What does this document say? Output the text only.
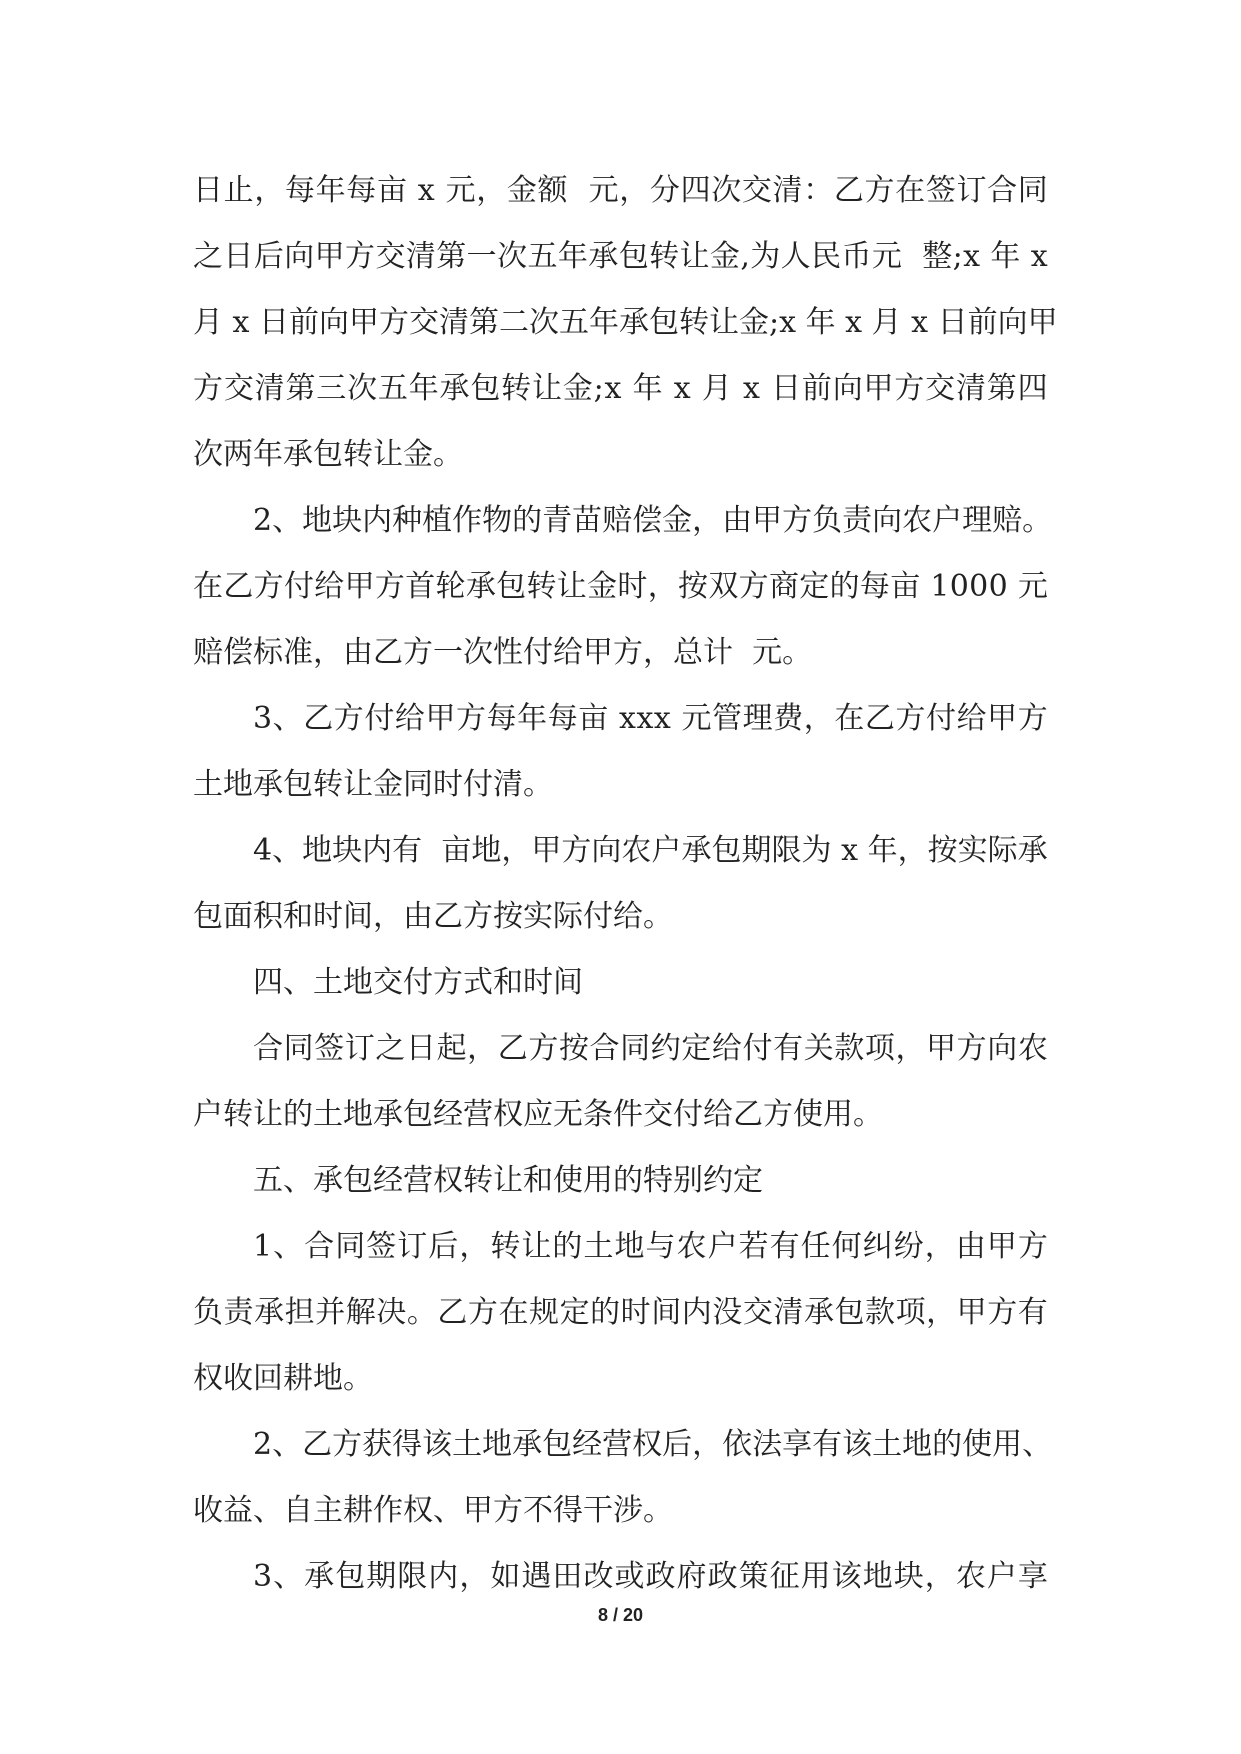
日 止 ， 每 年 每 亩
x
元 ， 金 额

元 ， 分 四 次 交 清 ： 乙 方 在 签 订 合 同
之 日 后 向 甲 方 交 清 第 一 次 五 年 承 包 转 让 金 , 为 人 民 币 元

整 ; x
年
x
月
x
日 前 向 甲 方 交 清 第 二 次 五 年 承 包 转 让 金 ; x
年
x
月
x
日 前 向 甲
方 交 清 第 三 次 五 年 承 包 转 让 金 ; x
年
x
月
x
日 前 向 甲 方 交 清 第 四
次 两 年 承 包 转 让 金 。
2 、 地 块 内 种 植 作 物 的 青 苗 赔 偿 金 ， 由 甲 方 负 责 向 农 户 理 赔 。
在 乙 方 付 给 甲 方 首 轮 承 包 转 让 金 时 ， 按 双 方 商 定 的 每 亩
1 0 0 0
元
赔 偿 标 准 ， 由 乙 方 一 次 性 付 给 甲 方 ， 总 计

元 。
3 、 乙 方 付 给 甲 方 每 年 每 亩
x x x
元 管 理 费 ， 在 乙 方 付 给 甲 方
土 地 承 包 转 让 金 同 时 付 清 。
4 、 地 块 内 有

亩 地 ， 甲 方 向 农 户 承 包 期 限 为
x
年 ， 按 实 际 承
包 面 积 和 时 间 ， 由 乙 方 按 实 际 付 给 。
四 、 土 地 交 付 方 式 和 时 间
合 同 签 订 之 日 起 ， 乙 方 按 合 同 约 定 给 付 有 关 款 项 ， 甲 方 向 农
户 转 让 的 土 地 承 包 经 营 权 应 无 条 件 交 付 给 乙 方 使 用 。
五 、 承 包 经 营 权 转 让 和 使 用 的 特 别 约 定
1 、 合 同 签 订 后 ， 转 让 的 土 地 与 农 户 若 有 任 何 纠 纷 ， 由 甲 方
负 责 承 担 并 解 决 。 乙 方 在 规 定 的 时 间 内 没 交 清 承 包 款 项 ， 甲 方 有
权 收 回 耕 地 。
2 、 乙 方 获 得 该 土 地 承 包 经 营 权 后 ， 依 法 享 有 该 土 地 的 使 用 、
收 益 、 自 主 耕 作 权 、 甲 方 不 得 干 涉 。
3 、 承 包 期 限 内 ， 如 遇 田 改 或 政 府 政 策 征 用 该 地 块 ， 农 户 享
8 / 20
